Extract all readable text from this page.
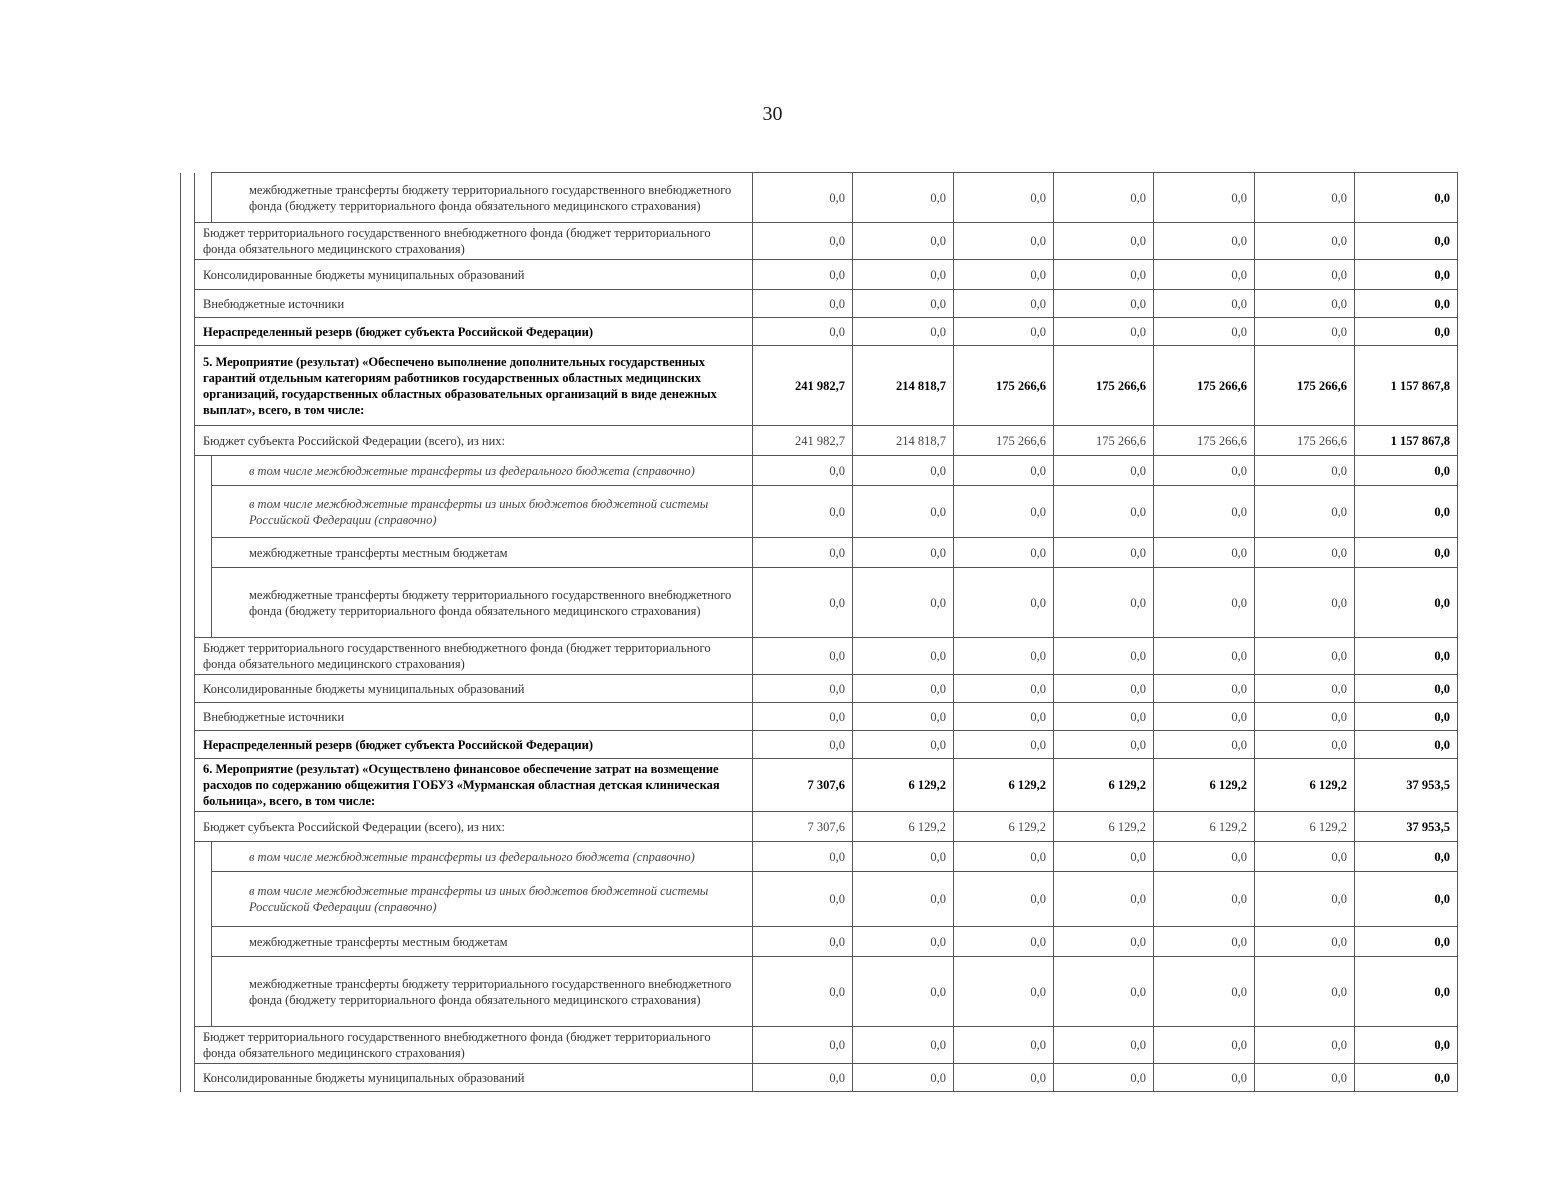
30
		межбюджетные трансферты бюджету территориального государственного внебюджетного фонда (бюджету территориального фонда обязательного медицинского страхования)	0,0	0,0	0,0	0,0	0,0	0,0	0,0
	Бюджет территориального государственного внебюджетного фонда (бюджет территориального фонда обязательного медицинского страхования)		0,0	0,0	0,0	0,0	0,0	0,0	0,0
	Консолидированные бюджеты муниципальных образований		0,0	0,0	0,0	0,0	0,0	0,0	0,0
	Внебюджетные источники		0,0	0,0	0,0	0,0	0,0	0,0	0,0
	Нераспределенный резерв (бюджет субъекта Российской Федерации)		0,0	0,0	0,0	0,0	0,0	0,0	0,0
	5. Мероприятие (результат) «Обеспечено выполнение дополнительных государственных гарантий отдельным категориям работников государственных областных медицинских организаций, государственных областных образовательных организаций в виде денежных выплат», всего, в том числе:		241 982,7	214 818,7	175 266,6	175 266,6	175 266,6	175 266,6	1 157 867,8
	Бюджет субъекта Российской Федерации (всего), из них:		241 982,7	214 818,7	175 266,6	175 266,6	175 266,6	175 266,6	1 157 867,8
		в том числе межбюджетные трансферты из федерального бюджета (справочно)	0,0	0,0	0,0	0,0	0,0	0,0	0,0
		в том числе межбюджетные трансферты из иных бюджетов бюджетной системы Российской Федерации (справочно)	0,0	0,0	0,0	0,0	0,0	0,0	0,0
		межбюджетные трансферты местным бюджетам	0,0	0,0	0,0	0,0	0,0	0,0	0,0
		межбюджетные трансферты бюджету территориального государственного внебюджетного фонда (бюджету территориального фонда обязательного медицинского страхования)	0,0	0,0	0,0	0,0	0,0	0,0	0,0
	Бюджет территориального государственного внебюджетного фонда (бюджет территориального фонда обязательного медицинского страхования)		0,0	0,0	0,0	0,0	0,0	0,0	0,0
	Консолидированные бюджеты муниципальных образований		0,0	0,0	0,0	0,0	0,0	0,0	0,0
	Внебюджетные источники		0,0	0,0	0,0	0,0	0,0	0,0	0,0
	Нераспределенный резерв (бюджет субъекта Российской Федерации)		0,0	0,0	0,0	0,0	0,0	0,0	0,0
	6. Мероприятие (результат) «Осуществлено финансовое обеспечение затрат на возмещение расходов по содержанию общежития ГОБУЗ «Мурманская областная детская клиническая больница», всего, в том числе:		7 307,6	6 129,2	6 129,2	6 129,2	6 129,2	6 129,2	37 953,5
	Бюджет субъекта Российской Федерации (всего), из них:		7 307,6	6 129,2	6 129,2	6 129,2	6 129,2	6 129,2	37 953,5
		в том числе межбюджетные трансферты из федерального бюджета (справочно)	0,0	0,0	0,0	0,0	0,0	0,0	0,0
		в том числе межбюджетные трансферты из иных бюджетов бюджетной системы Российской Федерации (справочно)	0,0	0,0	0,0	0,0	0,0	0,0	0,0
		межбюджетные трансферты местным бюджетам	0,0	0,0	0,0	0,0	0,0	0,0	0,0
		межбюджетные трансферты бюджету территориального государственного внебюджетного фонда (бюджету территориального фонда обязательного медицинского страхования)	0,0	0,0	0,0	0,0	0,0	0,0	0,0
	Бюджет территориального государственного внебюджетного фонда (бюджет территориального фонда обязательного медицинского страхования)		0,0	0,0	0,0	0,0	0,0	0,0	0,0
	Консолидированные бюджеты муниципальных образований		0,0	0,0	0,0	0,0	0,0	0,0	0,0
